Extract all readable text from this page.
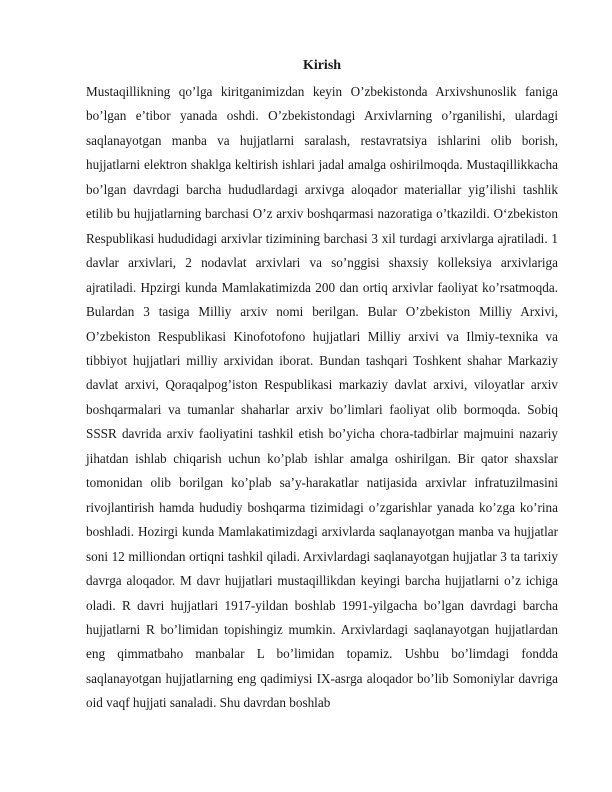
Kirish

Mustaqillikning qo’lga kiritganimizdan keyin O’zbekistonda Arxivshunoslik faniga bo’lgan e’tibor yanada oshdi. O’zbekistondagi Arxivlarning o’rganilishi, ulardagi saqlanayotgan manba va hujjatlarni saralash, restavratsiya ishlarini olib borish, hujjatlarni elektron shaklga keltirish ishlari jadal amalga oshirilmoqda. Mustaqillikkacha bo’lgan davrdagi barcha hududlardagi arxivga aloqador materiallar yig’ilishi tashlik etilib bu hujjatlarning barchasi O’z arxiv boshqarmasi nazoratiga o’tkazildi. O‘zbekiston Respublikasi hududidagi arxivlar tizimining barchasi 3 xil turdagi arxivlarga ajratiladi. 1 davlar arxivlari, 2 nodavlat arxivlari va so’nggisi shaxsiy kolleksiya arxivlariga ajratiladi. Hpzirgi kunda Mamlakatimizda 200 dan ortiq arxivlar faoliyat ko’rsatmoqda. Bulardan 3 tasiga Milliy arxiv nomi berilgan. Bular O’zbekiston Milliy Arxivi, O’zbekiston Respublikasi Kinofotofono hujjatlari Milliy arxivi va Ilmiy-texnika va tibbiyot hujjatlari milliy arxividan iborat. Bundan tashqari Toshkent shahar Markaziy davlat arxivi, Qoraqalpog’iston Respublikasi markaziy davlat arxivi, viloyatlar arxiv boshqarmalari va tumanlar shaharlar arxiv bo’limlari faoliyat olib bormoqda. Sobiq SSSR davrida arxiv faoliyatini tashkil etish bo’yicha chora-tadbirlar majmuini nazariy jihatdan ishlab chiqarish uchun ko’plab ishlar amalga oshirilgan. Bir qator shaxslar tomonidan olib borilgan ko’plab sa’y-harakatlar natijasida arxivlar infratuzilmasini rivojlantirish hamda hududiy boshqarma tizimidagi o’zgarishlar yanada ko’zga ko’rina boshladi. Hozirgi kunda Mamlakatimizdagi arxivlarda saqlanayotgan manba va hujjatlar soni 12 milliondan ortiqni tashkil qiladi. Arxivlardagi saqlanayotgan hujjatlar 3 ta tarixiy davrga aloqador. M davr hujjatlari mustaqillikdan keyingi barcha hujjatlarni o’z ichiga oladi. R davri hujjatlari 1917-yildan boshlab 1991-yilgacha bo’lgan davrdagi barcha hujjatlarni R bo’limidan topishingiz mumkin. Arxivlardagi saqlanayotgan hujjatlardan eng qimmatbaho manbalar L bo’limidan topamiz. Ushbu bo’limdagi fondda saqlanayotgan hujjatlarning eng qadimiysi IX-asrga aloqador bo’lib Somoniylar davriga oid vaqf hujjati sanaladi. Shu davrdan boshlab
